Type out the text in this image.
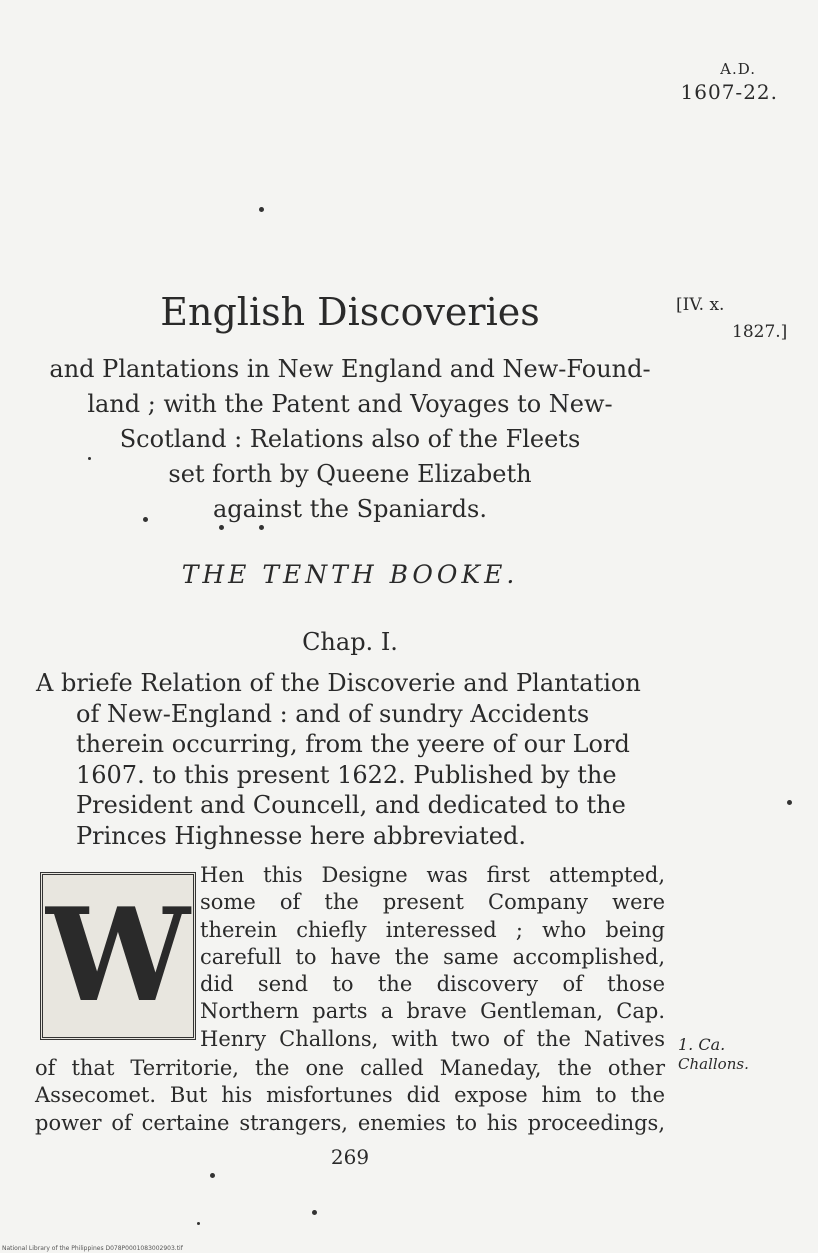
A.D.
1607-22.
English Discoveries	[IV. x.
1827.]
and Plantations in New England and New-Found-
land ; with the Patent and Voyages to New-
Scotland : Relations also of the Fleets
set forth by Queene Elizabeth
against the Spaniards.
THE TENTH BOOKE.
Chap. I.
A briefe Relation of the Discoverie and Plantation
of New-England : and of sundry Accidents
therein occurring, from the yeere of our Lord
1607. to this present 1622. Published by the
President and Councell, and dedicated to the
Princes Highnesse here abbreviated.
W
Hen this Designe was first attempted,
some of the present Company were
therein chiefly interessed ; who being
carefull to have the same accomplished,
did send to the discovery of those
Northern parts a brave Gentleman, Cap.
Henry Challons, with two of the Natives 1. Ca.
Challons.
of that Territorie, the one called Maneday, the other
Assecomet. But his misfortunes did expose him to the
power of certaine strangers, enemies to his proceedings,
269
National Library of the Philippines D078P0001083002903.tif
